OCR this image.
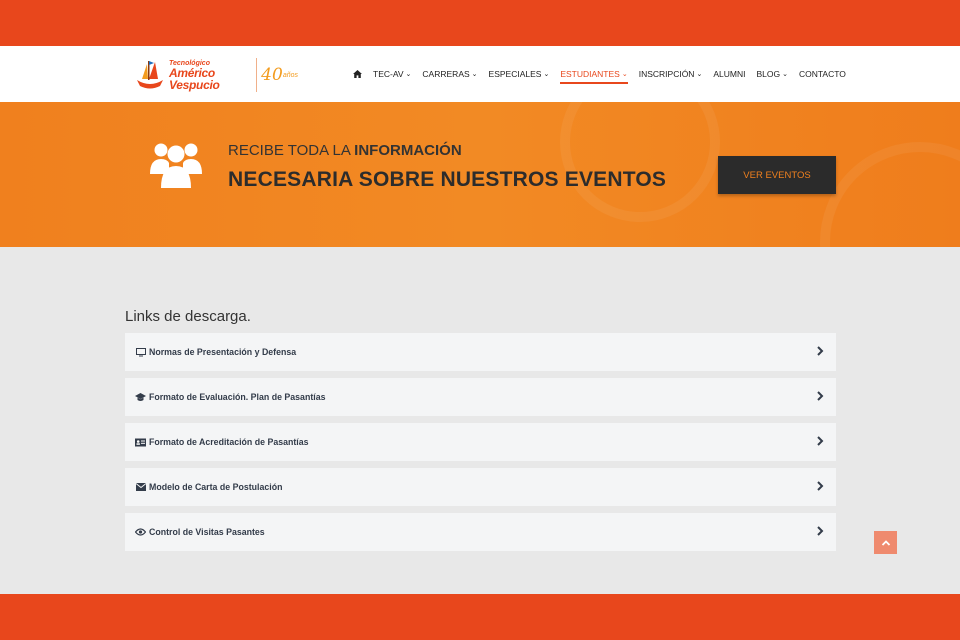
Tecnológico
Américo Vespucio	40 años	TEC-AV ⌄ CARRERAS ⌄ ESPECIALES ⌄ ESTUDIANTES ⌄ INSCRIPCIÓN ⌄ ALUMNI BLOG ⌄ CONTACTO
RECIBE TODA LA INFORMACIÓN
NECESARIA SOBRE NUESTROS EVENTOS	VER EVENTOS
Links de descarga.
Normas de Presentación y Defensa
Formato de Evaluación. Plan de Pasantías
Formato de Acreditación de Pasantías
Modelo de Carta de Postulación
Control de Visitas Pasantes
